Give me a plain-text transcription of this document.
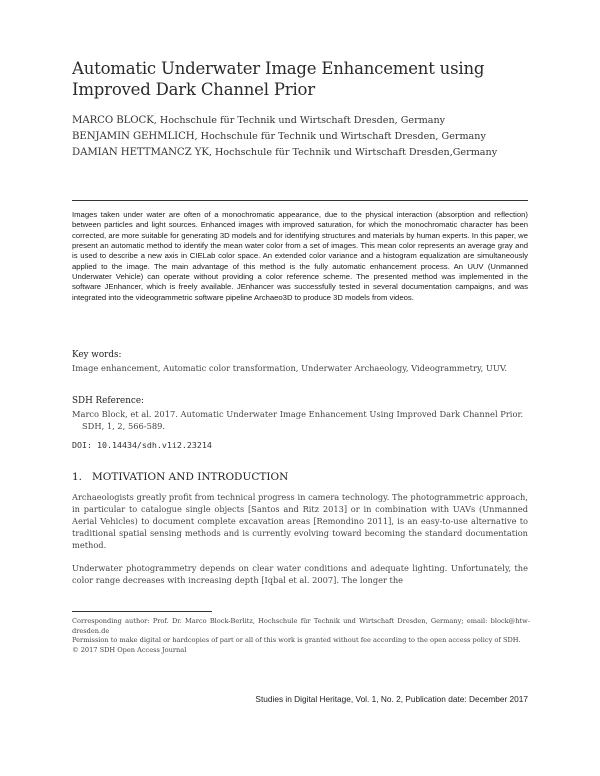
Automatic Underwater Image Enhancement using Improved Dark Channel Prior
MARCO BLOCK, Hochschule für Technik und Wirtschaft Dresden, Germany
BENJAMIN GEHMLICH, Hochschule für Technik und Wirtschaft Dresden, Germany
DAMIAN HETTMANCZ YK, Hochschule für Technik und Wirtschaft Dresden,Germany

Images taken under water are often of a monochromatic appearance, due to the physical interaction (absorption and reflection) between particles and light sources. Enhanced images with improved saturation, for which the monochromatic character has been corrected, are more suitable for generating 3D models and for identifying structures and materials by human experts. In this paper, we present an automatic method to identify the mean water color from a set of images. This mean color represents an average gray and is used to describe a new axis in CIELab color space. An extended color variance and a histogram equalization are simultaneously applied to the image. The main advantage of this method is the fully automatic enhancement process. An UUV (Unmanned Underwater Vehicle) can operate without providing a color reference scheme. The presented method was implemented in the software JEnhancer, which is freely available. JEnhancer was successfully tested in several documentation campaigns, and was integrated into the videogrammetric software pipeline Archaeo3D to produce 3D models from videos.

Key words:

Image enhancement, Automatic color transformation, Underwater Archaeology, Videogrammetry, UUV.

SDH Reference:

Marco Block, et al. 2017. Automatic Underwater Image Enhancement Using Improved Dark Channel Prior. SDH, 1, 2, 566-589.

DOI: 10.14434/sdh.v1i2.23214
1. MOTIVATION AND INTRODUCTION

Archaeologists greatly profit from technical progress in camera technology. The photogrammetric approach, in particular to catalogue single objects [Santos and Ritz 2013] or in combination with UAVs (Unmanned Aerial Vehicles) to document complete excavation areas [Remondino 2011], is an easy-to-use alternative to traditional spatial sensing methods and is currently evolving toward becoming the standard documentation method.

Underwater photogrammetry depends on clear water conditions and adequate lighting. Unfortunately, the color range decreases with increasing depth [Iqbal et al. 2007]. The longer the

Corresponding author: Prof. Dr. Marco Block-Berlitz, Hochschule für Technik und Wirtschaft Dresden, Germany; email: block@htw-dresden.de

Permission to make digital or hardcopies of part or all of this work is granted without fee according to the open access policy of SDH.

© 2017 SDH Open Access Journal

Studies in Digital Heritage, Vol. 1, No. 2, Publication date: December 2017
